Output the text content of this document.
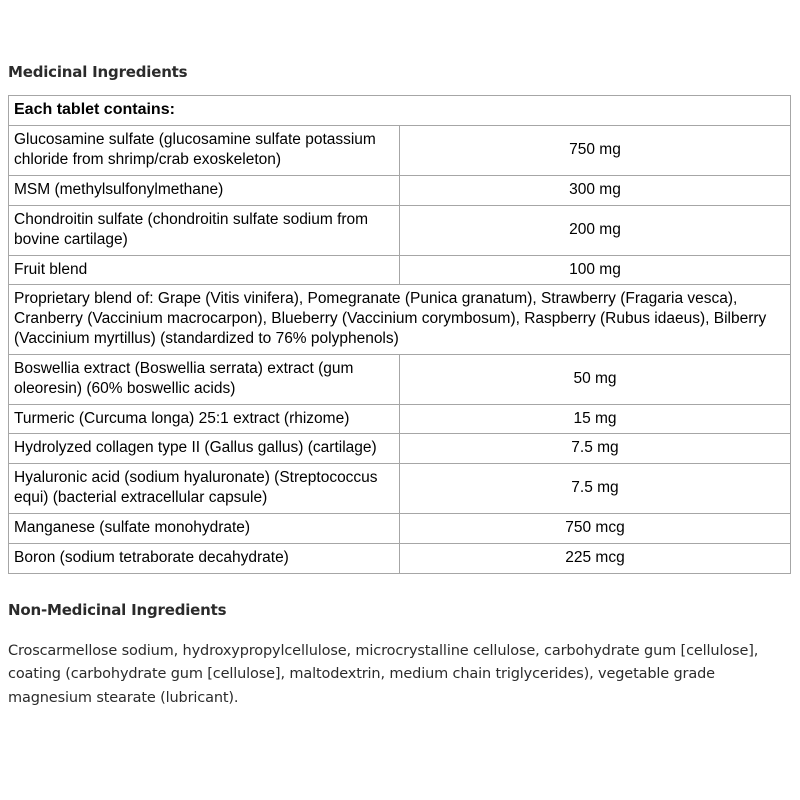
Medicinal Ingredients
Each tablet contains:	
Glucosamine sulfate (glucosamine sulfate potassium chloride from shrimp/crab exoskeleton)	750 mg
MSM (methylsulfonylmethane)	300 mg
Chondroitin sulfate (chondroitin sulfate sodium from bovine cartilage)	200 mg
Fruit blend	100 mg
Proprietary blend of: Grape (Vitis vinifera), Pomegranate (Punica granatum), Strawberry (Fragaria vesca), Cranberry (Vaccinium macrocarpon), Blueberry (Vaccinium corymbosum), Raspberry (Rubus idaeus), Bilberry (Vaccinium myrtillus) (standardized to 76% polyphenols)	
Boswellia extract (Boswellia serrata) extract (gum oleoresin) (60% boswellic acids)	50 mg
Turmeric (Curcuma longa) 25:1 extract (rhizome)	15 mg
Hydrolyzed collagen type II (Gallus gallus) (cartilage)	7.5 mg
Hyaluronic acid (sodium hyaluronate) (Streptococcus equi) (bacterial extracellular capsule)	7.5 mg
Manganese (sulfate monohydrate)	750 mcg
Boron (sodium tetraborate decahydrate)	225 mcg
Non-Medicinal Ingredients
Croscarmellose sodium, hydroxypropylcellulose, microcrystalline cellulose, carbohydrate gum [cellulose], coating (carbohydrate gum [cellulose], maltodextrin, medium chain triglycerides), vegetable grade magnesium stearate (lubricant).
